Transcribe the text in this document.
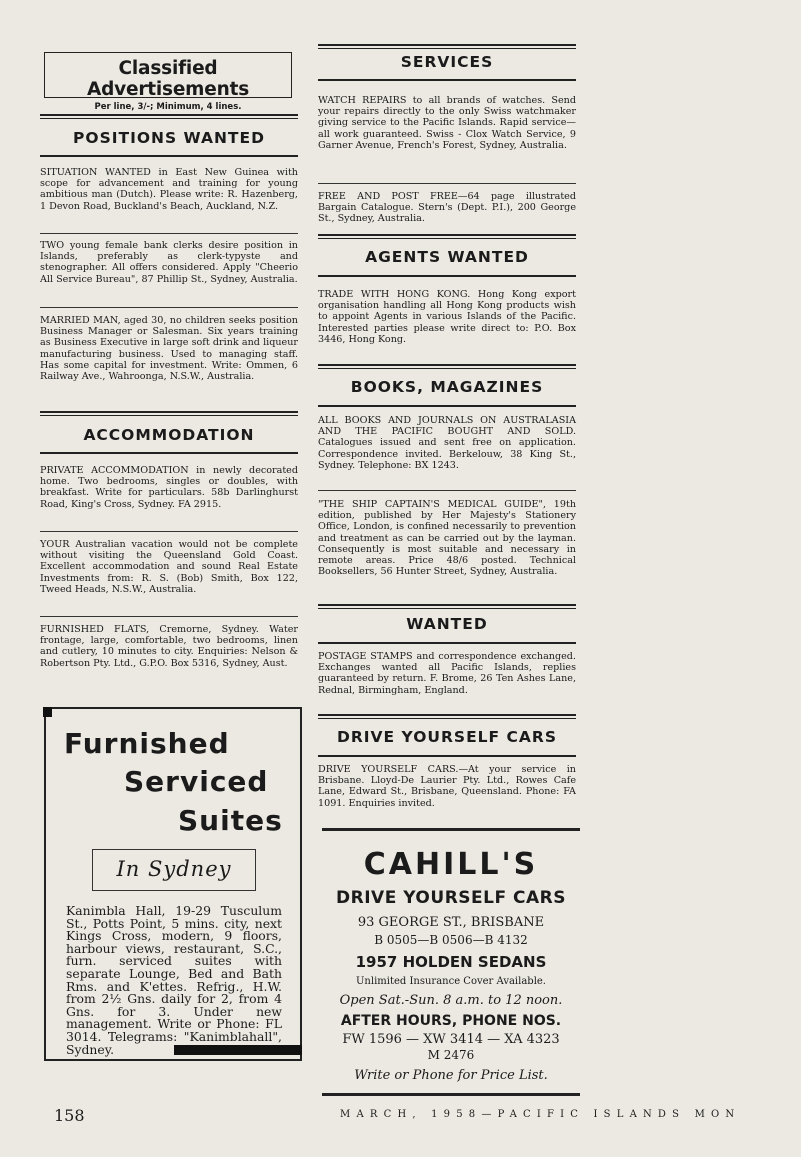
Classified Advertisements
Per line, 3/-; Minimum, 4 lines.
POSITIONS WANTED

SITUATION WANTED in East New Guinea with scope for advancement and training for young ambitious man (Dutch). Please write: R. Hazenberg, 1 Devon Road, Buckland's Beach, Auckland, N.Z.

TWO young female bank clerks desire position in Islands, preferably as clerk-typyste and stenographer. All offers considered. Apply "Cheerio All Service Bureau", 87 Phillip St., Sydney, Australia.

MARRIED MAN, aged 30, no children seeks position Business Manager or Salesman. Six years training as Business Executive in large soft drink and liqueur manufacturing business. Used to managing staff. Has some capital for investment. Write: Ommen, 6 Railway Ave., Wahroonga, N.S.W., Australia.

ACCOMMODATION

PRIVATE ACCOMMODATION in newly decorated home. Two bedrooms, singles or doubles, with breakfast. Write for particulars. 58b Darlinghurst Road, King's Cross, Sydney. FA 2915.

YOUR Australian vacation would not be complete without visiting the Queensland Gold Coast. Excellent accommodation and sound Real Estate Investments from: R. S. (Bob) Smith, Box 122, Tweed Heads, N.S.W., Australia.

FURNISHED FLATS, Cremorne, Sydney. Water frontage, large, comfortable, two bedrooms, linen and cutlery, 10 minutes to city. Enquiries: Nelson & Robertson Pty. Ltd., G.P.O. Box 5316, Sydney, Aust.

Furnished
Serviced
Suites
In Sydney

Kanimbla Hall, 19-29 Tusculum St., Potts Point, 5 mins. city, next Kings Cross, modern, 9 floors, harbour views, restaurant, S.C., furn. serviced suites with separate Lounge, Bed and Bath Rms. and K'ettes. Refrig., H.W. from 2½ Gns. daily for 2, from 4 Gns. for 3. Under new management. Write or Phone: FL 3014. Telegrams: "Kanimblahall", Sydney.

SERVICES

WATCH REPAIRS to all brands of watches. Send your repairs directly to the only Swiss watchmaker giving service to the Pacific Islands. Rapid service—all work guaranteed. Swiss - Clox Watch Service, 9 Garner Avenue, French's Forest, Sydney, Australia.

FREE AND POST FREE—64 page illustrated Bargain Catalogue. Stern's (Dept. P.I.), 200 George St., Sydney, Australia.

AGENTS WANTED

TRADE WITH HONG KONG. Hong Kong export organisation handling all Hong Kong products wish to appoint Agents in various Islands of the Pacific. Interested parties please write direct to: P.O. Box 3446, Hong Kong.

BOOKS, MAGAZINES

ALL BOOKS AND JOURNALS ON AUSTRALASIA AND THE PACIFIC BOUGHT AND SOLD. Catalogues issued and sent free on application. Correspondence invited. Berkelouw, 38 King St., Sydney. Telephone: BX 1243.

"THE SHIP CAPTAIN'S MEDICAL GUIDE", 19th edition, published by Her Majesty's Stationery Office, London, is confined necessarily to prevention and treatment as can be carried out by the layman. Consequently is most suitable and necessary in remote areas. Price 48/6 posted. Technical Booksellers, 56 Hunter Street, Sydney, Australia.

WANTED

POSTAGE STAMPS and correspondence exchanged. Exchanges wanted all Pacific Islands, replies guaranteed by return. F. Brome, 26 Ten Ashes Lane, Rednal, Birmingham, England.

DRIVE YOURSELF CARS

DRIVE YOURSELF CARS.—At your service in Brisbane. Lloyd-De Laurier Pty. Ltd., Rowes Cafe Lane, Edward St., Brisbane, Queensland. Phone: FA 1091. Enquiries invited.

CAHILL'S
DRIVE YOURSELF CARS
93 GEORGE ST., BRISBANE
B 0505—B 0506—B 4132
1957 HOLDEN SEDANS
Unlimited Insurance Cover Available.
Open Sat.-Sun. 8 a.m. to 12 noon.
AFTER HOURS, PHONE NOS.
FW 1596 — XW 3414 — XA 4323
M 2476
Write or Phone for Price List.

158	MARCH, 1958—PACIFIC ISLANDS MON
